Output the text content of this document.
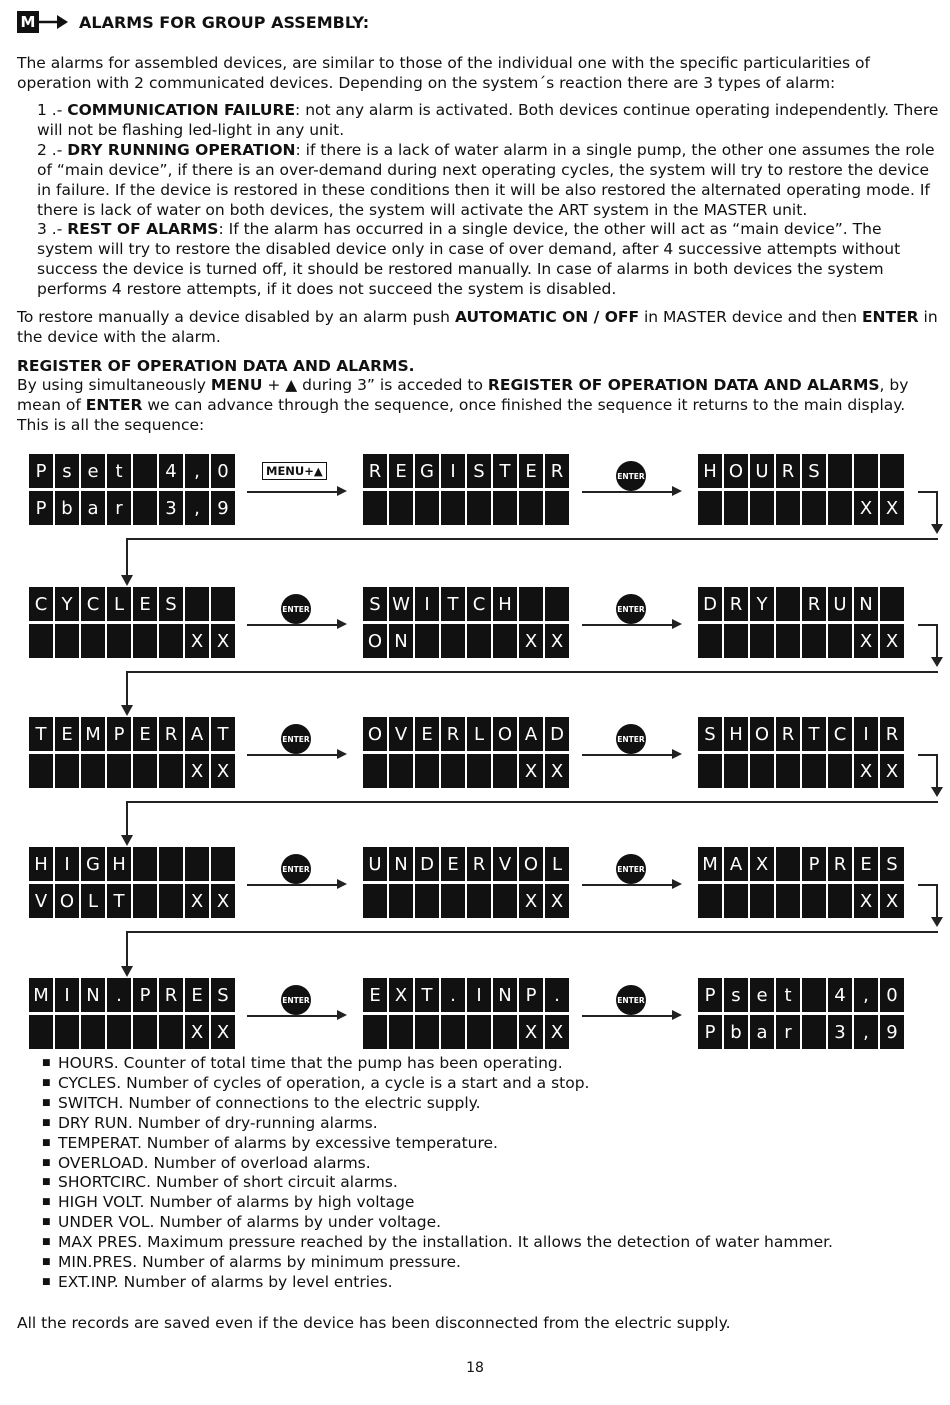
M	ALARMS FOR GROUP ASSEMBLY:
The alarms for assembled devices, are similar to those of the individual one with the specific particularities of operation with 2 communicated devices. Depending on the system´s reaction there are 3 types of alarm:
1 .- COMMUNICATION FAILURE: not any alarm is activated. Both devices continue operating independently. There will not be flashing led-light in any unit.
2 .- DRY RUNNING OPERATION: if there is a lack of water alarm in a single pump, the other one assumes the role of “main device”, if there is an over-demand during next operating cycles, the system will try to restore the device in failure. If the device is restored in these conditions then it will be also restored the alternated operating mode. If there is lack of water on both devices, the system will activate the ART system in the MASTER unit.
3 .- REST OF ALARMS: If the alarm has occurred in a single device, the other will act as “main device”. The system will try to restore the disabled device only in case of over demand, after 4 successive attempts without success the device is turned off, it should be restored manually. In case of alarms in both devices the system performs 4 restore attempts, if it does not succeed the system is disabled.
To restore manually a device disabled by an alarm push AUTOMATIC ON / OFF in MASTER device and then ENTER in the device with the alarm.
REGISTER OF OPERATION DATA AND ALARMS.
By using simultaneously MENU + ▲ during 3” is acceded to REGISTER OF OPERATION DATA AND ALARMS, by mean of ENTER we can advance through the sequence, once finished the sequence it returns to the main display. This is all the sequence:
P s e t	4 , 0
P b a r	3 , 9
R E G I S T E R	H O U R S
X X
C Y C L E S
X X
S W I T C H
O N	X X
D R Y	R U N
X X
T E M P E R A T
X X
O V E R L O A D
X X
S H O R T C I R
X X
H I G H
V O L T	X X
U N D E R V O L
X X
M A X	P R E S
X X
M I N . P R E S
X X
E X T .	I N P .
X X
P s e t	4 , 0
P b a r	3 , 9
ENTER
ENTER	ENTER
ENTER	ENTER
ENTER	ENTER
ENTER	ENTER
MENU+▲
■ HOURS. Counter of total time that the pump has been operating.
■ CYCLES. Number of cycles of operation, a cycle is a start and a stop.
■ SWITCH. Number of connections to the electric supply.
■ DRY RUN. Number of dry-running alarms.
■ TEMPERAT. Number of alarms by excessive temperature.
■ OVERLOAD. Number of overload alarms.
■ SHORTCIRC. Number of short circuit alarms.
■ HIGH VOLT. Number of alarms by high voltage
■ UNDER VOL. Number of alarms by under voltage.
■ MAX PRES. Maximum pressure reached by the installation. It allows the detection of water hammer.
■ MIN.PRES. Number of alarms by minimum pressure.
■ EXT.INP. Number of alarms by level entries.
All the records are saved even if the device has been disconnected from the electric supply.
18
